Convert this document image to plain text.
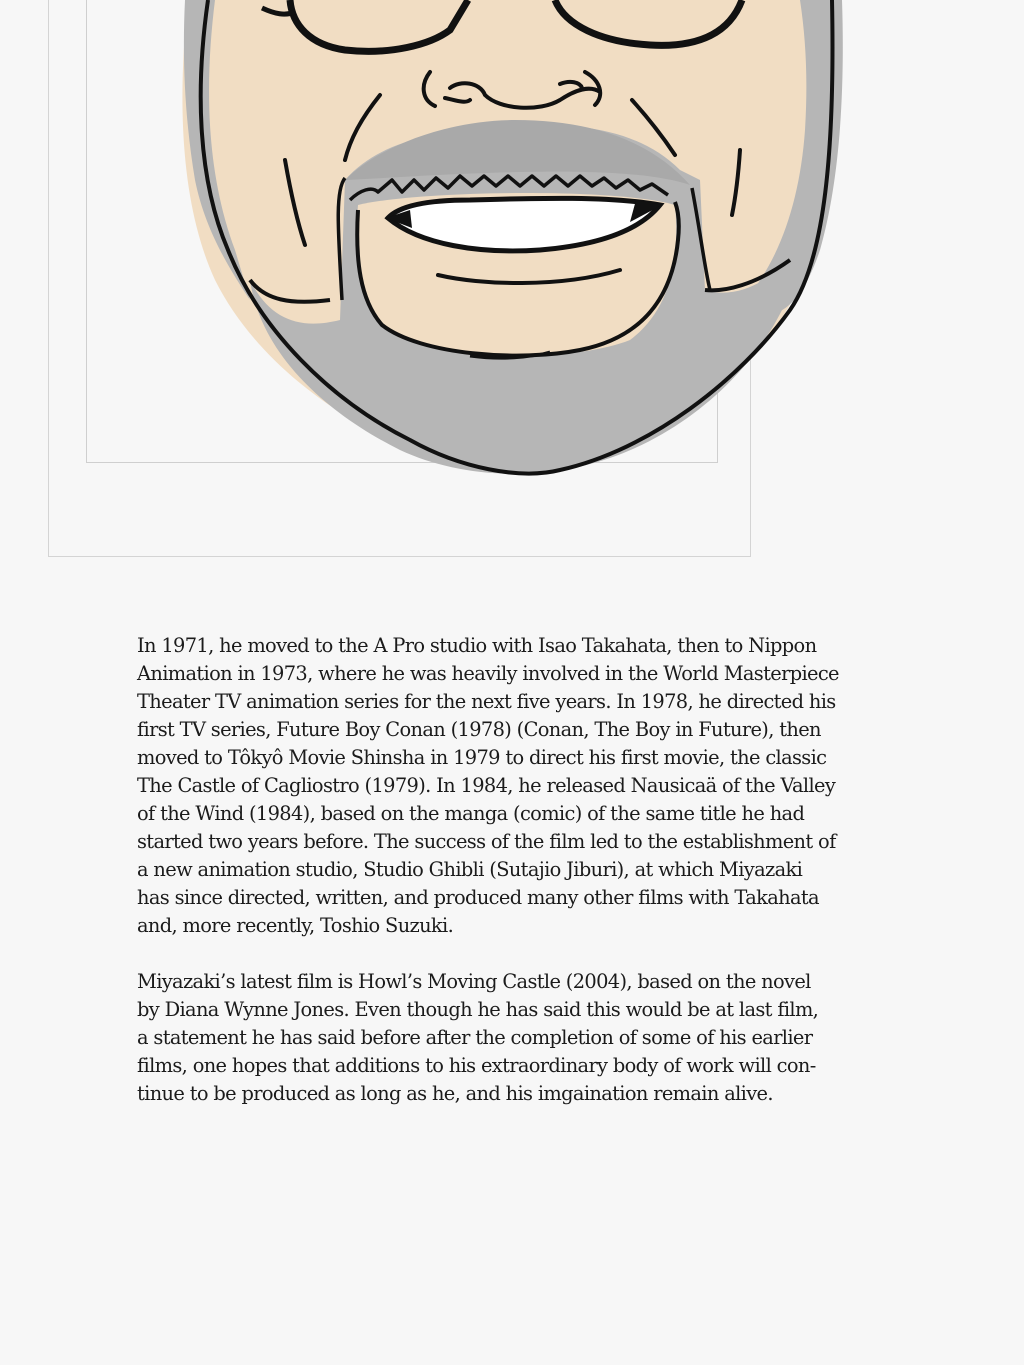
In 1971, he moved to the A Pro studio with Isao Takahata, then to Nippon

Animation in 1973, where he was heavily involved in the World Masterpiece

Theater TV animation series for the next five years. In 1978, he directed his

first TV series, Future Boy Conan (1978) (Conan, The Boy in Future), then

moved to Tôkyô Movie Shinsha in 1979 to direct his first movie, the classic

The Castle of Cagliostro (1979). In 1984, he released Nausicaä of the Valley

of the Wind (1984), based on the manga (comic) of the same title he had

started two years before. The success of the film led to the establishment of

a new animation studio, Studio Ghibli (Sutajio Jiburi), at which Miyazaki

has since directed, written, and produced many other films with Takahata

and, more recently, Toshio Suzuki.

Miyazaki’s latest film is Howl’s Moving Castle (2004), based on the novel

by Diana Wynne Jones. Even though he has said this would be at last film,

a statement he has said before after the completion of some of his earlier

films, one hopes that additions to his extraordinary body of work will con-

tinue to be produced as long as he, and his imgaination remain alive.
